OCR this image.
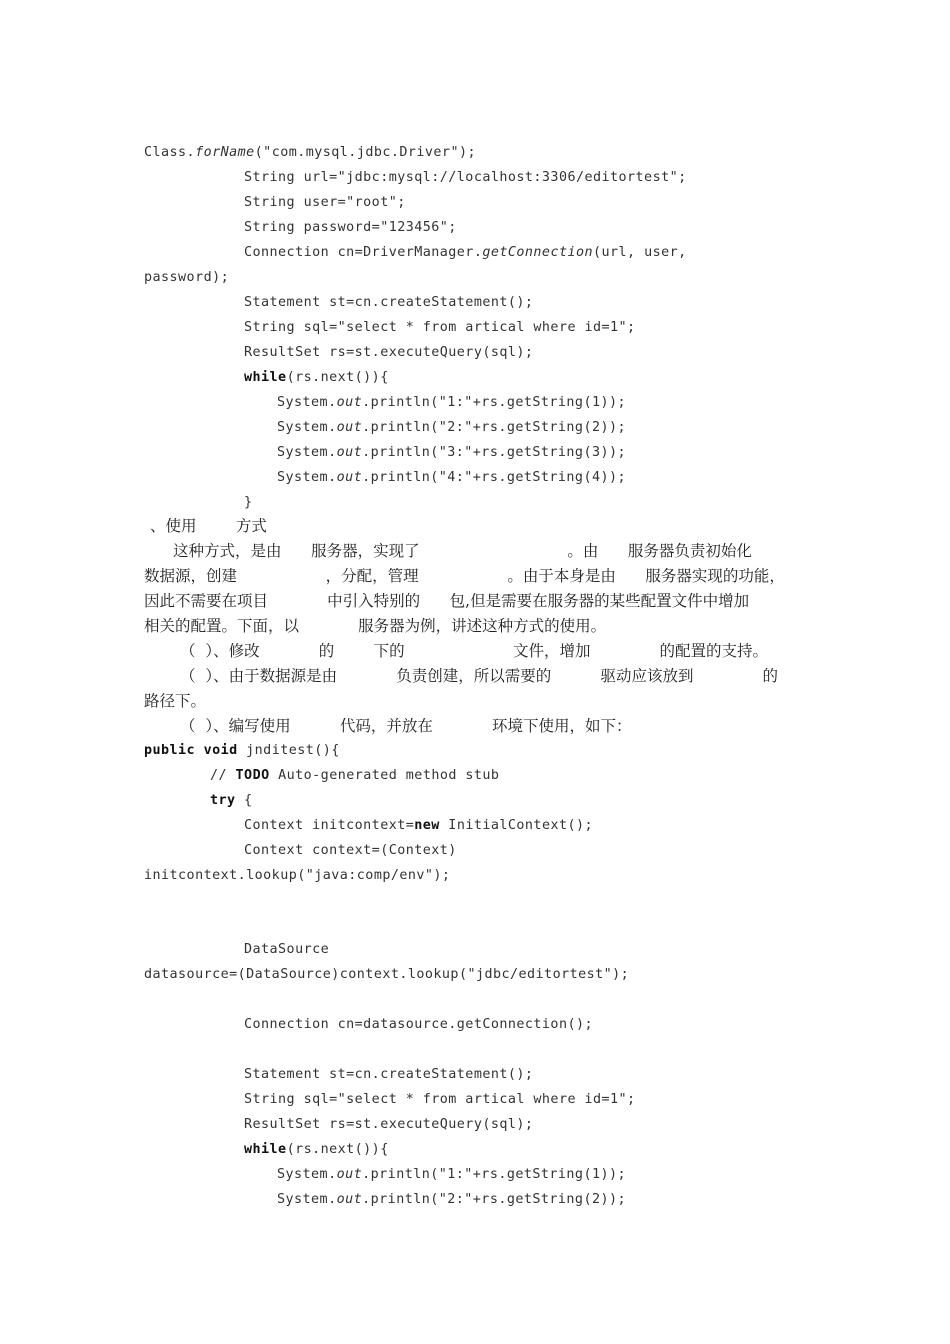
Class.forName("com.mysql.jdbc.Driver");
String url="jdbc:mysql://localhost:3306/editortest";
String user="root";
String password="123456";
Connection cn=DriverManager.getConnection(url, user,
password);
Statement st=cn.createStatement();
String sql="select * from artical where id=1";
ResultSet rs=st.executeQuery(sql);
while(rs.next()){
System.out.println("1:"+rs.getString(1));
System.out.println("2:"+rs.getString(2));
System.out.println("3:"+rs.getString(3));
System.out.println("4:"+rs.getString(4));
}
、使用        方式
这种方式，是由      服务器，实现了                              。由      服务器负责初始化
数据源，创建                  ，分配，管理                  。由于本身是由      服务器实现的功能，
因此不需要在项目            中引入特别的      包,但是需要在服务器的某些配置文件中增加
相关的配置。下面，以            服务器为例，讲述这种方式的使用。
（  ）、修改            的        下的                      文件，增加              的配置的支持。
（  ）、由于数据源是由            负责创建，所以需要的          驱动应该放到              的
路径下。
（  ）、编写使用          代码，并放在            环境下使用，如下：
public void jnditest(){
// TODO Auto-generated method stub
try {
Context initcontext=new InitialContext();
Context context=(Context)
initcontext.lookup("java:comp/env");
DataSource
datasource=(DataSource)context.lookup("jdbc/editortest");
Connection cn=datasource.getConnection();
Statement st=cn.createStatement();
String sql="select * from artical where id=1";
ResultSet rs=st.executeQuery(sql);
while(rs.next()){
System.out.println("1:"+rs.getString(1));
System.out.println("2:"+rs.getString(2));
